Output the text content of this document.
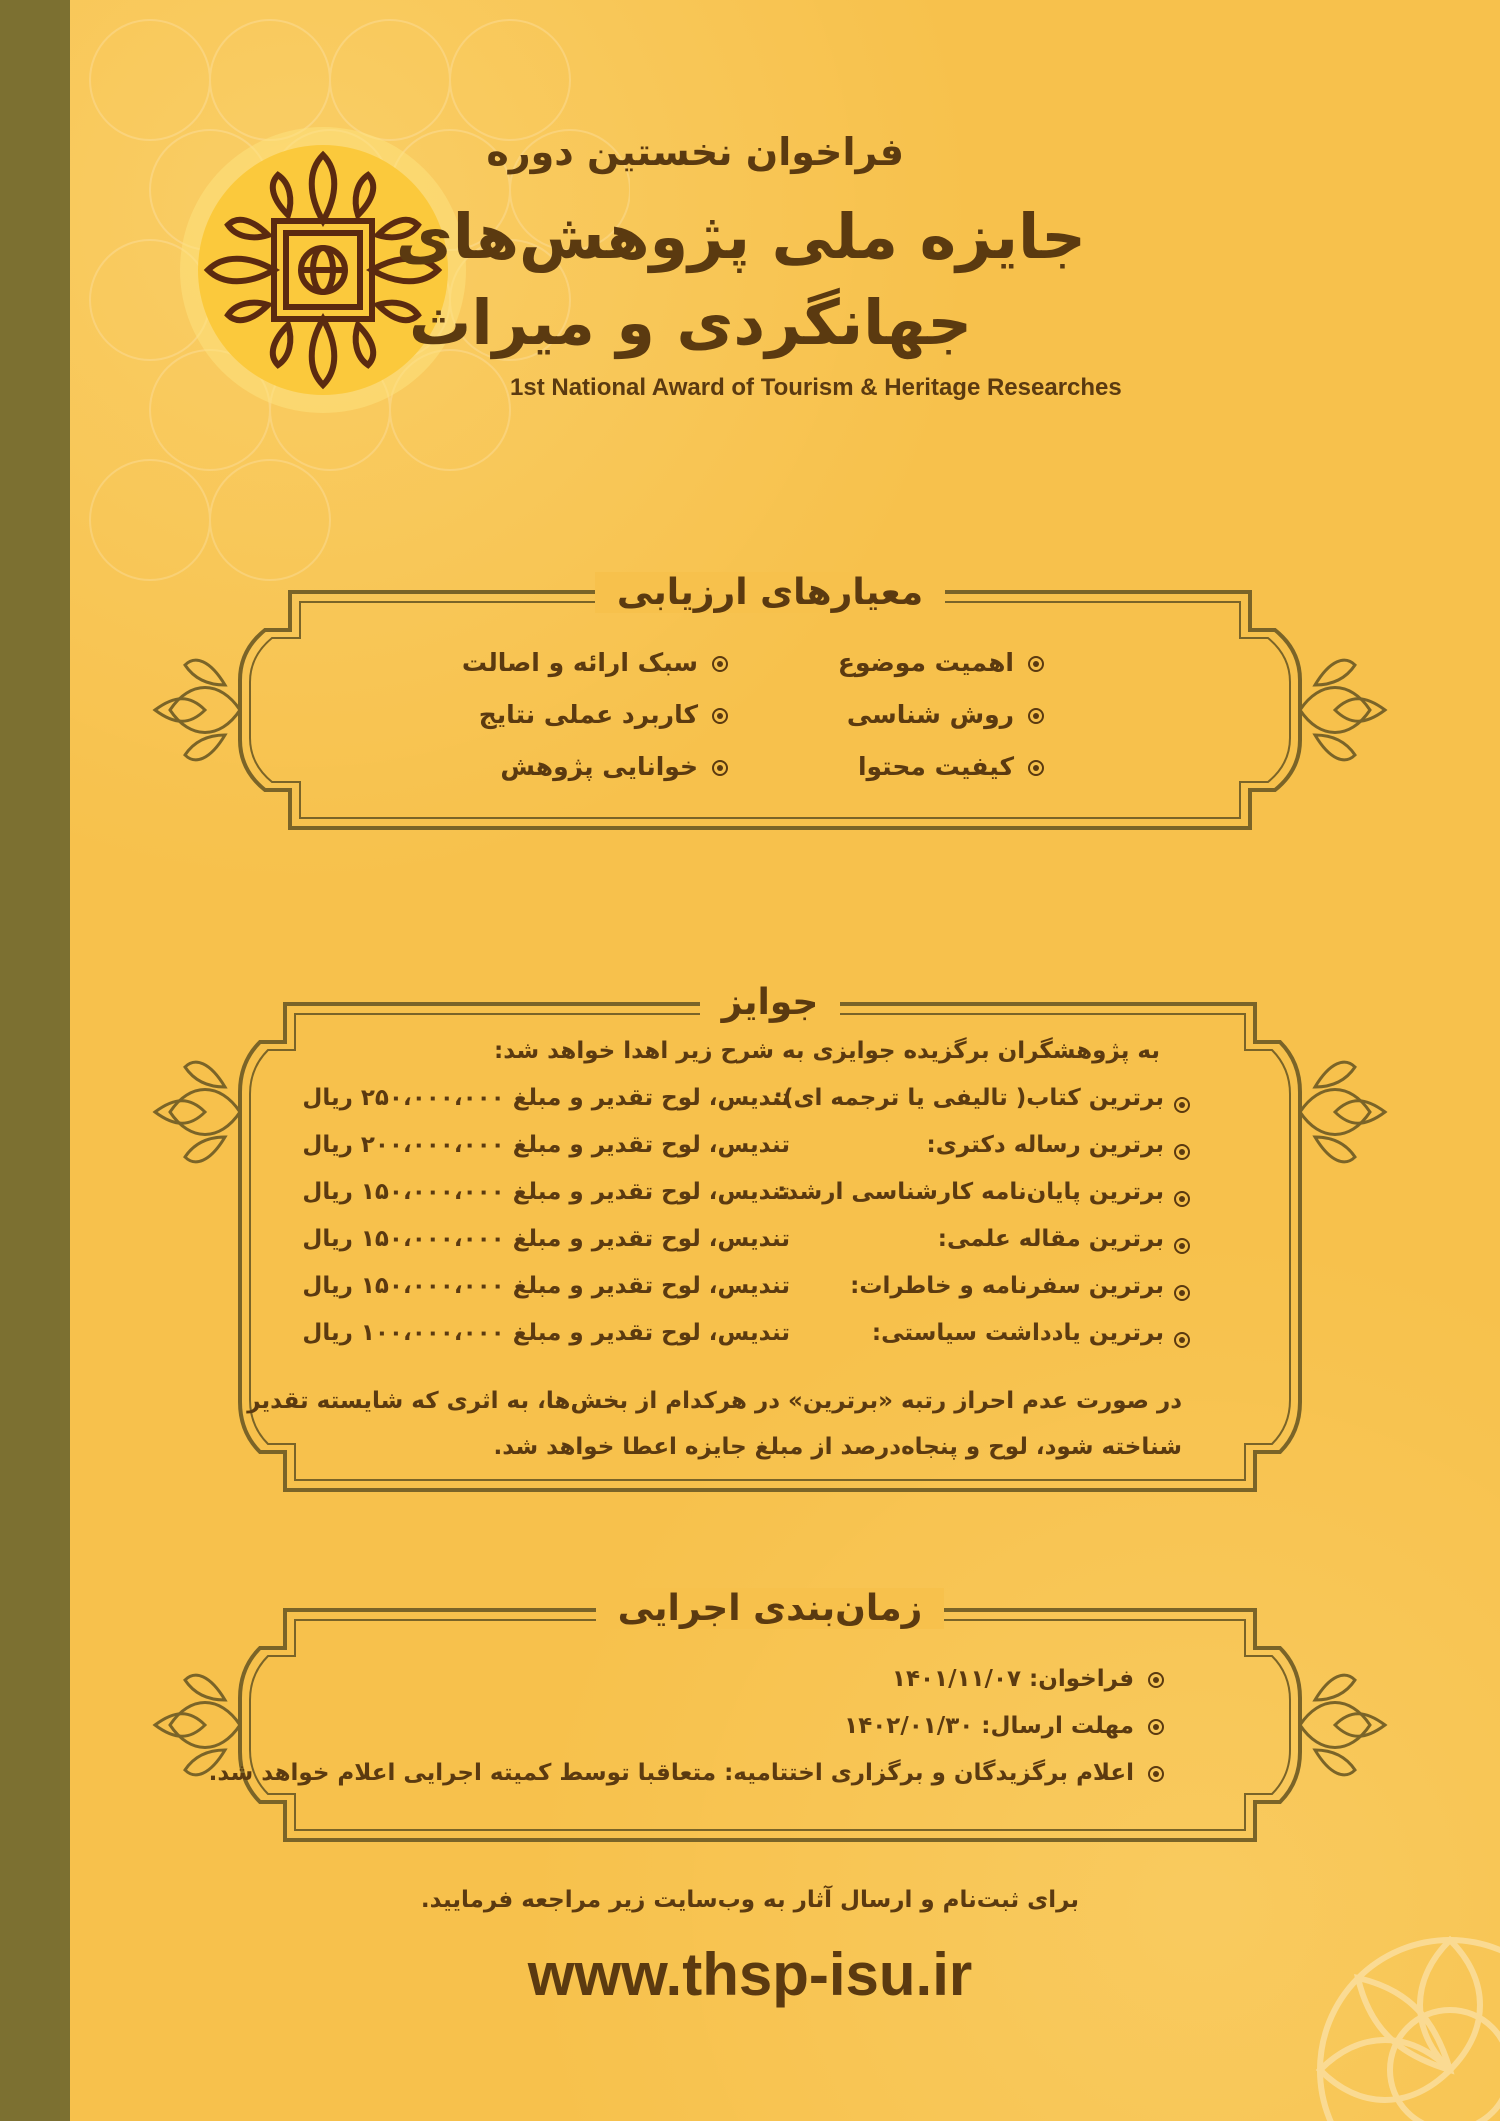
فراخوان نخستین دوره
جایزه ملی پژوهش‌های
جهانگردی و میراث
1st National Award of Tourism & Heritage Researches
معیارهای ارزیابی
اهمیت موضوع
روش شناسی
کیفیت محتوا
سبک ارائه و اصالت
کاربرد عملی نتایج
خوانایی پژوهش
جوایز
به پژوهشگران برگزیده جوایزی به شرح زیر اهدا خواهد شد:
برترین کتاب( تالیفی یا ترجمه ای):
تندیس، لوح تقدیر و مبلغ ۲۵۰،۰۰۰،۰۰۰ ریال
برترین رساله دکتری:
تندیس، لوح تقدیر و مبلغ ۲۰۰،۰۰۰،۰۰۰ ریال
برترین پایان‌نامه کارشناسی ارشد:
تندیس، لوح تقدیر و مبلغ ۱۵۰،۰۰۰،۰۰۰ ریال
برترین مقاله علمی:
تندیس، لوح تقدیر و مبلغ ۱۵۰،۰۰۰،۰۰۰ ریال
برترین سفرنامه و خاطرات:
تندیس، لوح تقدیر و مبلغ ۱۵۰،۰۰۰،۰۰۰ ریال
برترین یادداشت سیاستی:
تندیس، لوح تقدیر و مبلغ ۱۰۰،۰۰۰،۰۰۰ ریال
در صورت عدم احراز رتبه «برترین» در هرکدام از بخش‌ها، به اثری که شایسته تقدیر شناخته شود، لوح و پنجاه‌درصد از مبلغ جایزه اعطا خواهد شد.
زمان‌بندی اجرایی
فراخوان: ۱۴۰۱/۱۱/۰۷
مهلت ارسال: ۱۴۰۲/۰۱/۳۰
اعلام برگزیدگان و برگزاری اختتامیه: متعاقبا توسط کمیته اجرایی اعلام خواهد شد.
برای ثبت‌نام و ارسال آثار به وب‌سایت زیر مراجعه فرمایید.
www.thsp-isu.ir
